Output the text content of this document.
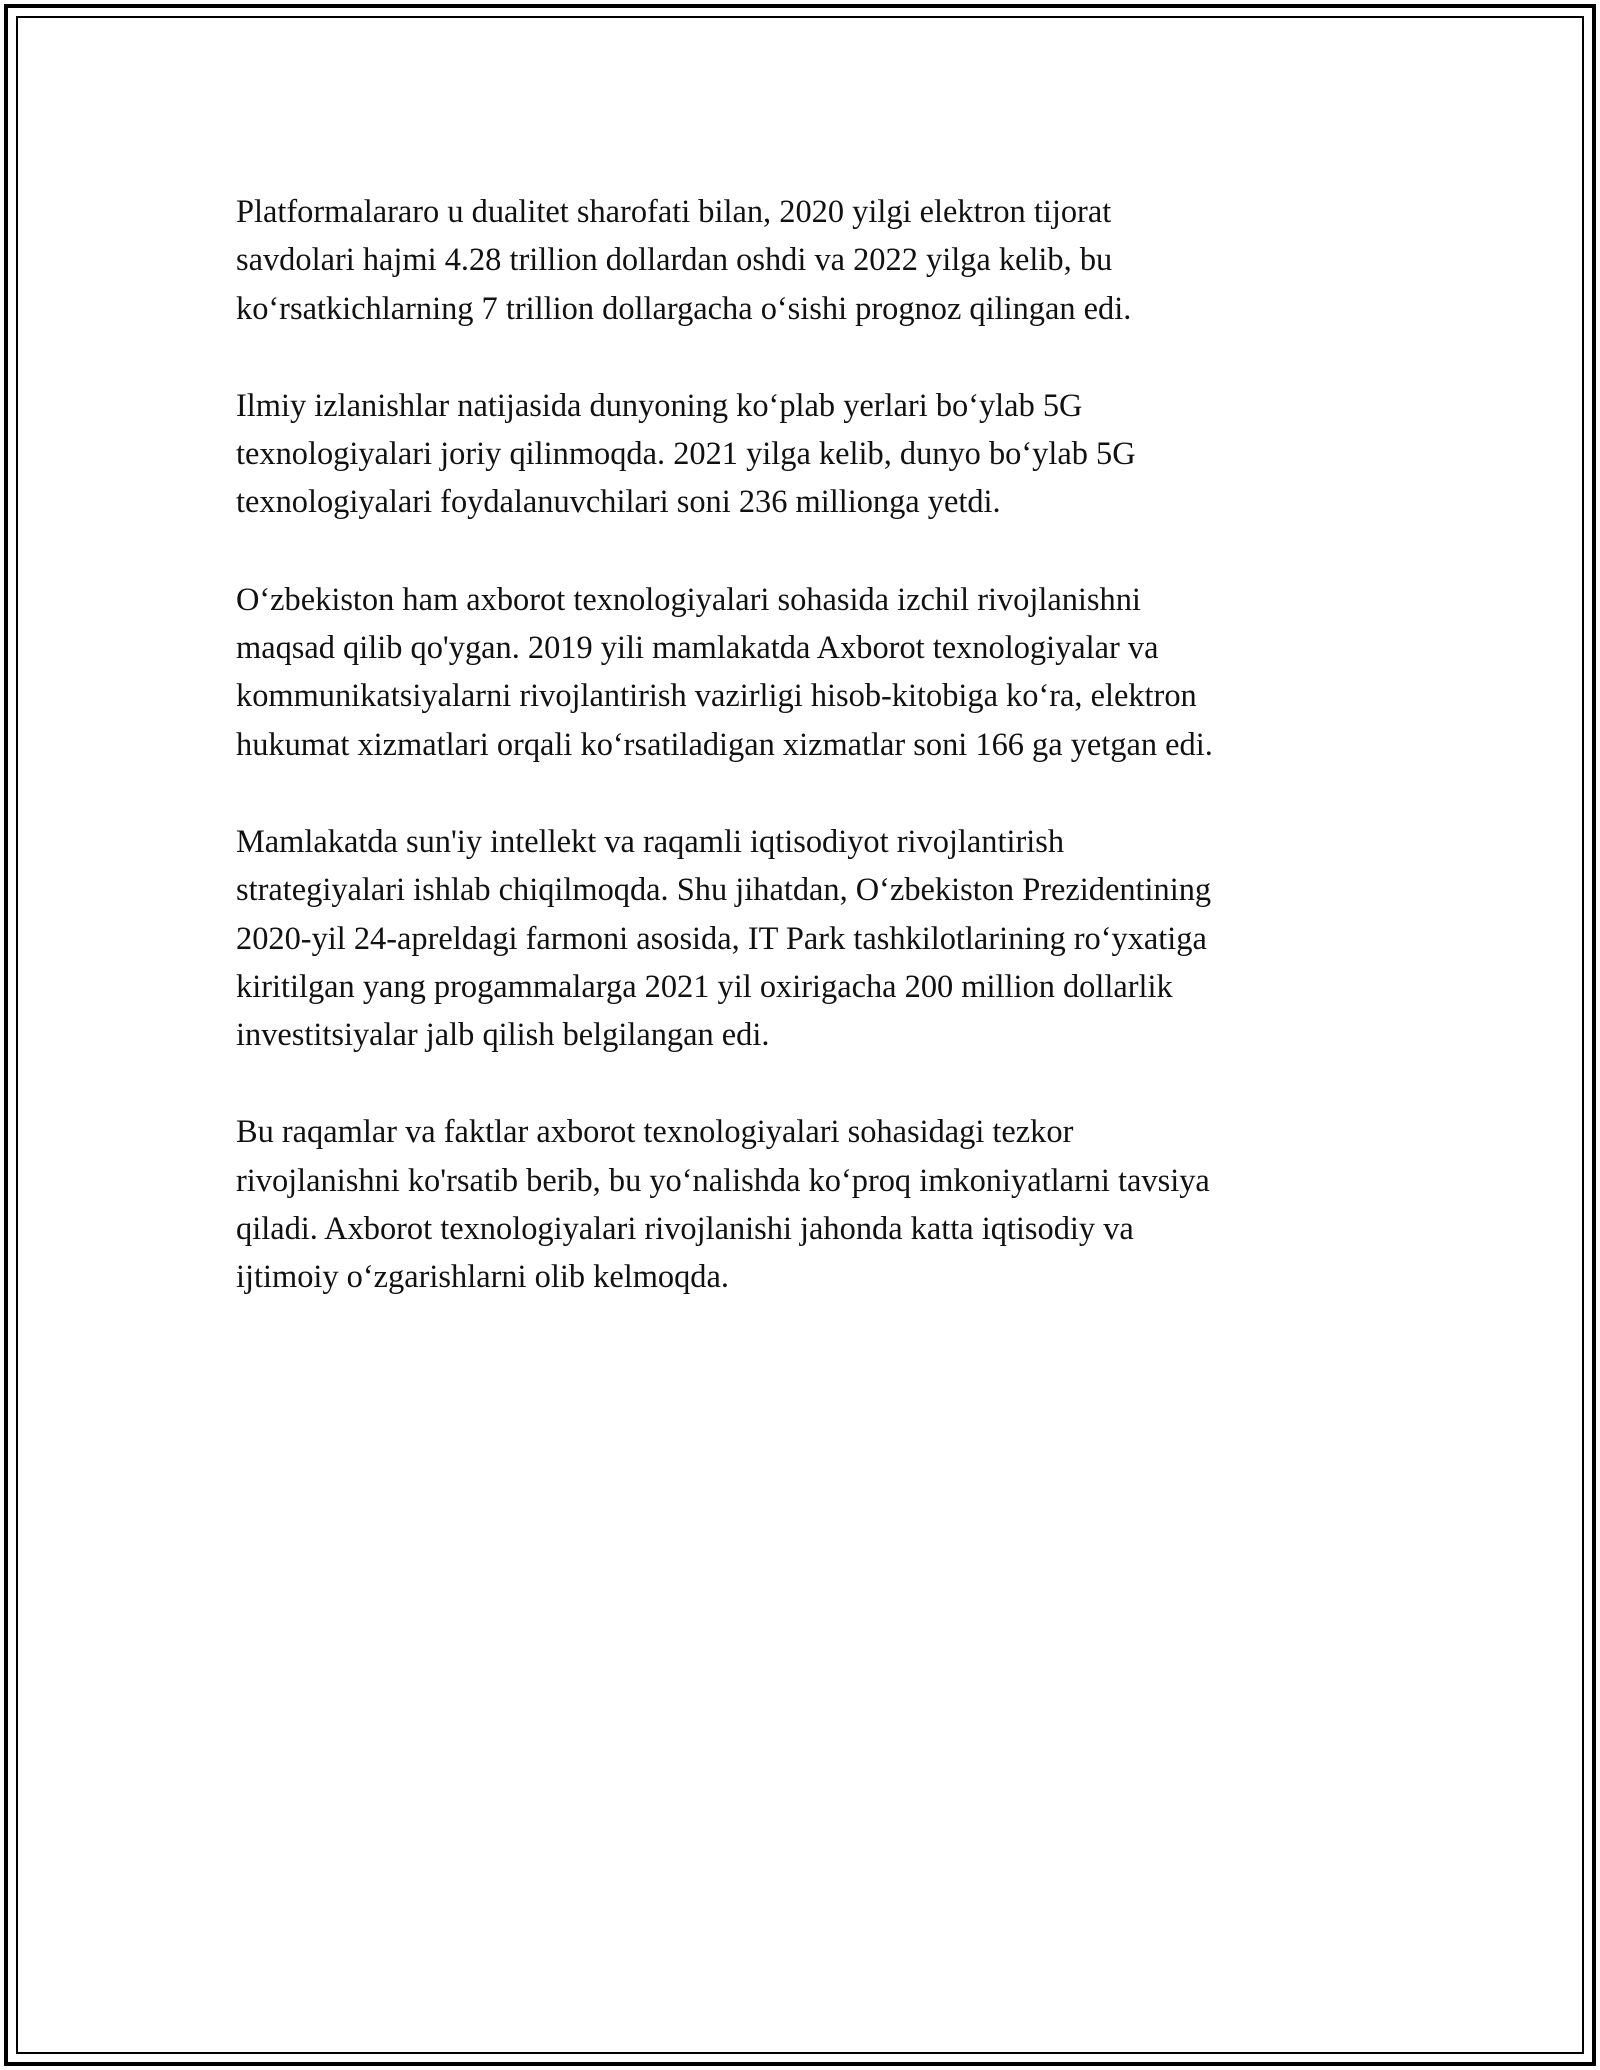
Platformalararo u dualitet sharofati bilan, 2020 yilgi elektron tijorat
savdolari hajmi 4.28 trillion dollardan oshdi va 2022 yilga kelib, bu
ko‘rsatkichlarning 7 trillion dollargacha o‘sishi prognoz qilingan edi.

Ilmiy izlanishlar natijasida dunyoning ko‘plab yerlari bo‘ylab 5G
texnologiyalari joriy qilinmoqda. 2021 yilga kelib, dunyo bo‘ylab 5G
texnologiyalari foydalanuvchilari soni 236 millionga yetdi.

O‘zbekiston ham axborot texnologiyalari sohasida izchil rivojlanishni
maqsad qilib qo'ygan. 2019 yili mamlakatda Axborot texnologiyalar va
kommunikatsiyalarni rivojlantirish vazirligi hisob-kitobiga ko‘ra, elektron
hukumat xizmatlari orqali ko‘rsatiladigan xizmatlar soni 166 ga yetgan edi.

Mamlakatda sun'iy intellekt va raqamli iqtisodiyot rivojlantirish
strategiyalari ishlab chiqilmoqda. Shu jihatdan, O‘zbekiston Prezidentining
2020-yil 24-apreldagi farmoni asosida, IT Park tashkilotlarining ro‘yxatiga
kiritilgan yang progammalarga 2021 yil oxirigacha 200 million dollarlik
investitsiyalar jalb qilish belgilangan edi.

Bu raqamlar va faktlar axborot texnologiyalari sohasidagi tezkor
rivojlanishni ko'rsatib berib, bu yo‘nalishda ko‘proq imkoniyatlarni tavsiya
qiladi. Axborot texnologiyalari rivojlanishi jahonda katta iqtisodiy va
ijtimoiy o‘zgarishlarni olib kelmoqda.
